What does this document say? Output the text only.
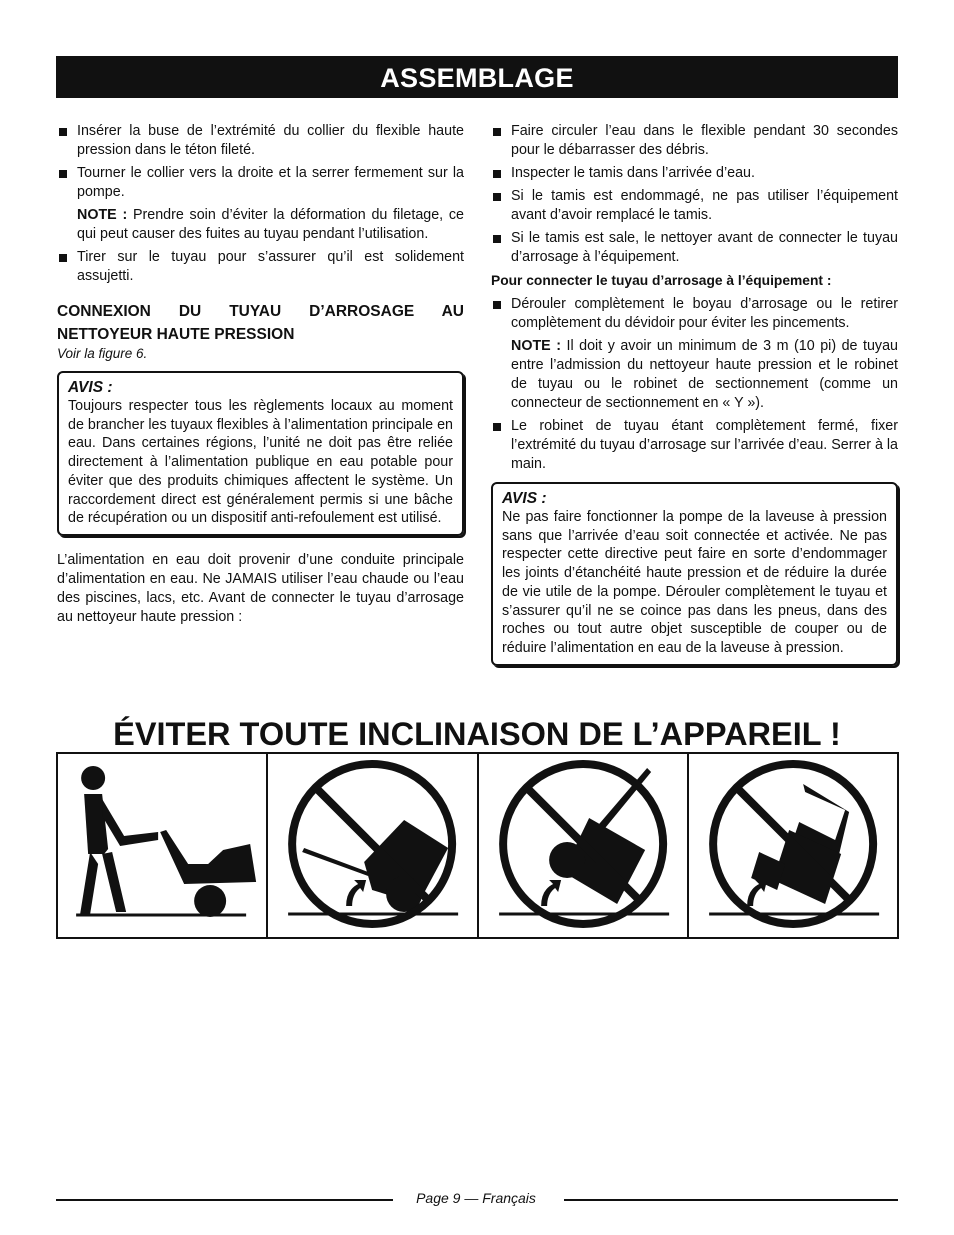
ASSEMBLAGE
Insérer la buse de l’extrémité du collier du flexible haute pression dans le téton fileté.
Tourner le collier vers la droite et la serrer fermement sur la pompe.

NOTE : Prendre soin d’éviter la déformation du filetage, ce qui peut causer des fuites au tuyau pendant l’utilisation.

Tirer sur le tuyau pour s’assurer qu’il est solidement assujetti.
CONNEXION DU TUYAU D’ARROSAGE AU NETTOYEUR HAUTE PRESSION

Voir la figure 6.

AVIS :

Toujours respecter tous les règlements locaux au moment de brancher les tuyaux flexibles à l’alimentation principale en eau. Dans certaines régions, l’unité ne doit pas être reliée directement à l’alimentation publique en eau potable pour éviter que des produits chimiques affectent le système. Un raccordement direct est généralement permis si une bâche de récupération ou un dispositif anti-refoulement est utilisé.

L’alimentation en eau doit provenir d’une conduite principale d’alimentation en eau. Ne JAMAIS utiliser l’eau chaude ou l’eau des piscines, lacs, etc. Avant de connecter le tuyau d’arrosage au nettoyeur haute pression :

Faire circuler l’eau dans le flexible pendant 30 secondes pour le débarrasser des débris.
Inspecter le tamis dans l’arrivée d’eau.
Si le tamis est endommagé, ne pas utiliser l’équipement avant d’avoir remplacé le tamis.
Si le tamis est sale, le nettoyer avant de connecter le tuyau d’arrosage à l’équipement.

Pour connecter le tuyau d’arrosage à l’équipement :

Dérouler complètement le boyau d’arrosage ou le retirer complètement du dévidoir pour éviter les pincements.

NOTE : Il doit y avoir un minimum de 3 m (10 pi) de tuyau entre l’admission du nettoyeur haute pression et le robinet de tuyau ou le robinet de sectionnement (comme un connecteur de sectionnement en « Y »).

Le robinet de tuyau étant complètement fermé, fixer l’extrémité du tuyau d’arrosage sur l’arrivée d’eau. Serrer à la main.
AVIS :

Ne pas faire fonctionner la pompe de la laveuse à pression sans que l’arrivée d’eau soit connectée et activée. Ne pas respecter cette directive peut faire en sorte d’endommager les joints d’étanchéité haute pression et de réduire la durée de vie utile de la pompe. Dérouler complètement le tuyau et s’assurer qu’il ne se coince pas dans les pneus, dans des roches ou tout autre objet susceptible de couper ou de réduire l’alimentation en eau de la laveuse à pression.

ÉVITER TOUTE INCLINAISON DE L’APPAREIL !
Page 9 — Français
